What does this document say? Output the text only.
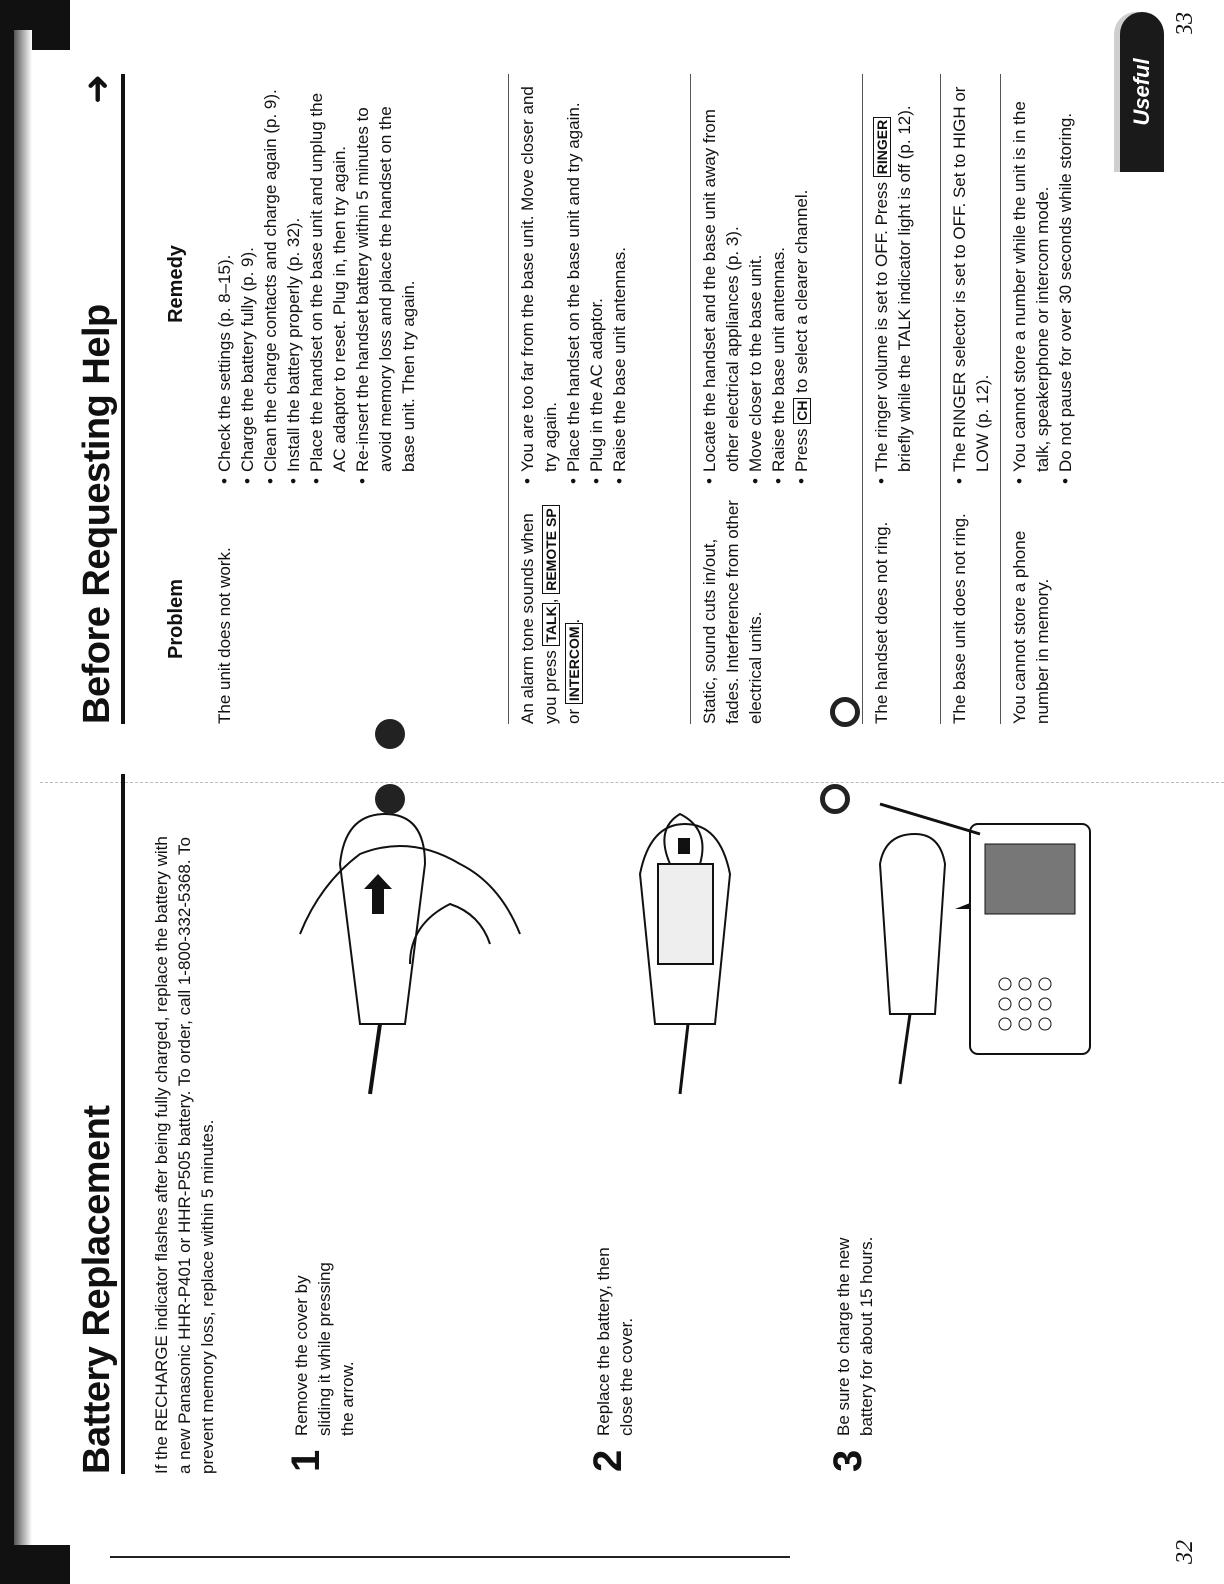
32
33
Useful Information
Battery Replacement	If the RECHARGE indicator flashes after being fully charged, replace the battery with a new Panasonic HHR-P401 or HHR-P505 battery. To order, call 1-800-332-5368. To prevent memory loss, replace within 5 minutes. 1
Remove the cover by sliding it while pressing the arrow.
2
Replace the battery, then close the cover.
3
Be sure to charge the new battery for about 15 hours.
Before Requesting Help
➜
Problem
Remedy
The unit does not work.
• Check the settings (p. 8–15). • Charge the battery fully (p. 9). • Clean the charge contacts and charge again (p. 9). • Install the battery properly (p. 32). • Place the handset on the base unit and unplug the AC adaptor to reset. Plug in, then try again. • Re-insert the handset battery within 5 minutes to avoid memory loss and place the handset on the base unit. Then try again.
An alarm tone sounds when you press TALK, REMOTE SP or INTERCOM.
• You are too far from the base unit. Move closer and try again. • Place the handset on the base unit and try again. • Plug in the AC adaptor. • Raise the base unit antennas.
Static, sound cuts in/out, fades. Interference from other electrical units.
• Locate the handset and the base unit away from other electrical appliances (p. 3). • Move closer to the base unit. • Raise the base unit antennas. • Press CH to select a clearer channel.
The handset does not ring.
• The ringer volume is set to OFF. Press RINGER briefly while the TALK indicator light is off (p. 12).
The base unit does not ring.
• The RINGER selector is set to OFF. Set to HIGH or LOW (p. 12).
You cannot store a phone number in memory.
• You cannot store a number while the unit is in the talk, speakerphone or intercom mode. • Do not pause for over 30 seconds while storing.
